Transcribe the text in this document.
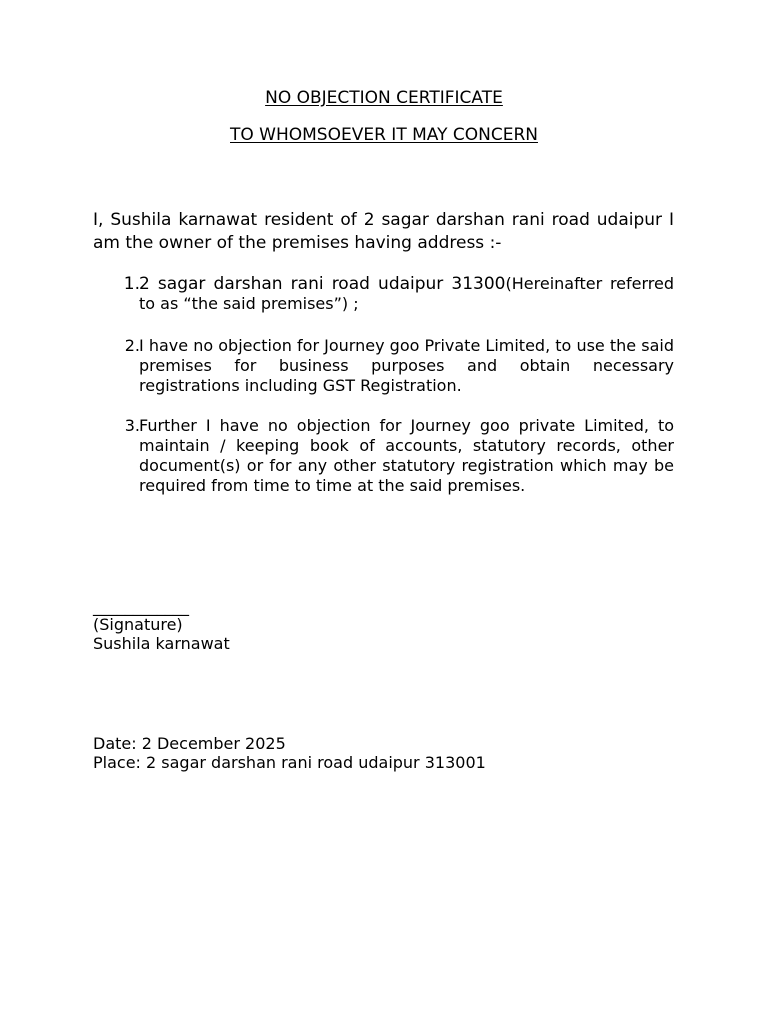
NO OBJECTION CERTIFICATE
TO WHOMSOEVER IT MAY CONCERN

I, Sushila karnawat resident of 2 sagar darshan rani road udaipur I am the owner of the premises having address :-

1. 2 sagar darshan rani road udaipur 31300(Hereinafter referred to as “the said premises”) ;
2. I have no objection for Journey goo Private Limited, to use the said premises for business purposes and obtain necessary registrations including GST Registration.
3. Further I have no objection for Journey goo private Limited, to maintain / keeping book of accounts, statutory records, other document(s) or for any other statutory registration which may be required from time to time at the said premises.
____________
(Signature)
Sushila karnawat
Date: 2 December 2025
Place: 2 sagar darshan rani road udaipur 313001
